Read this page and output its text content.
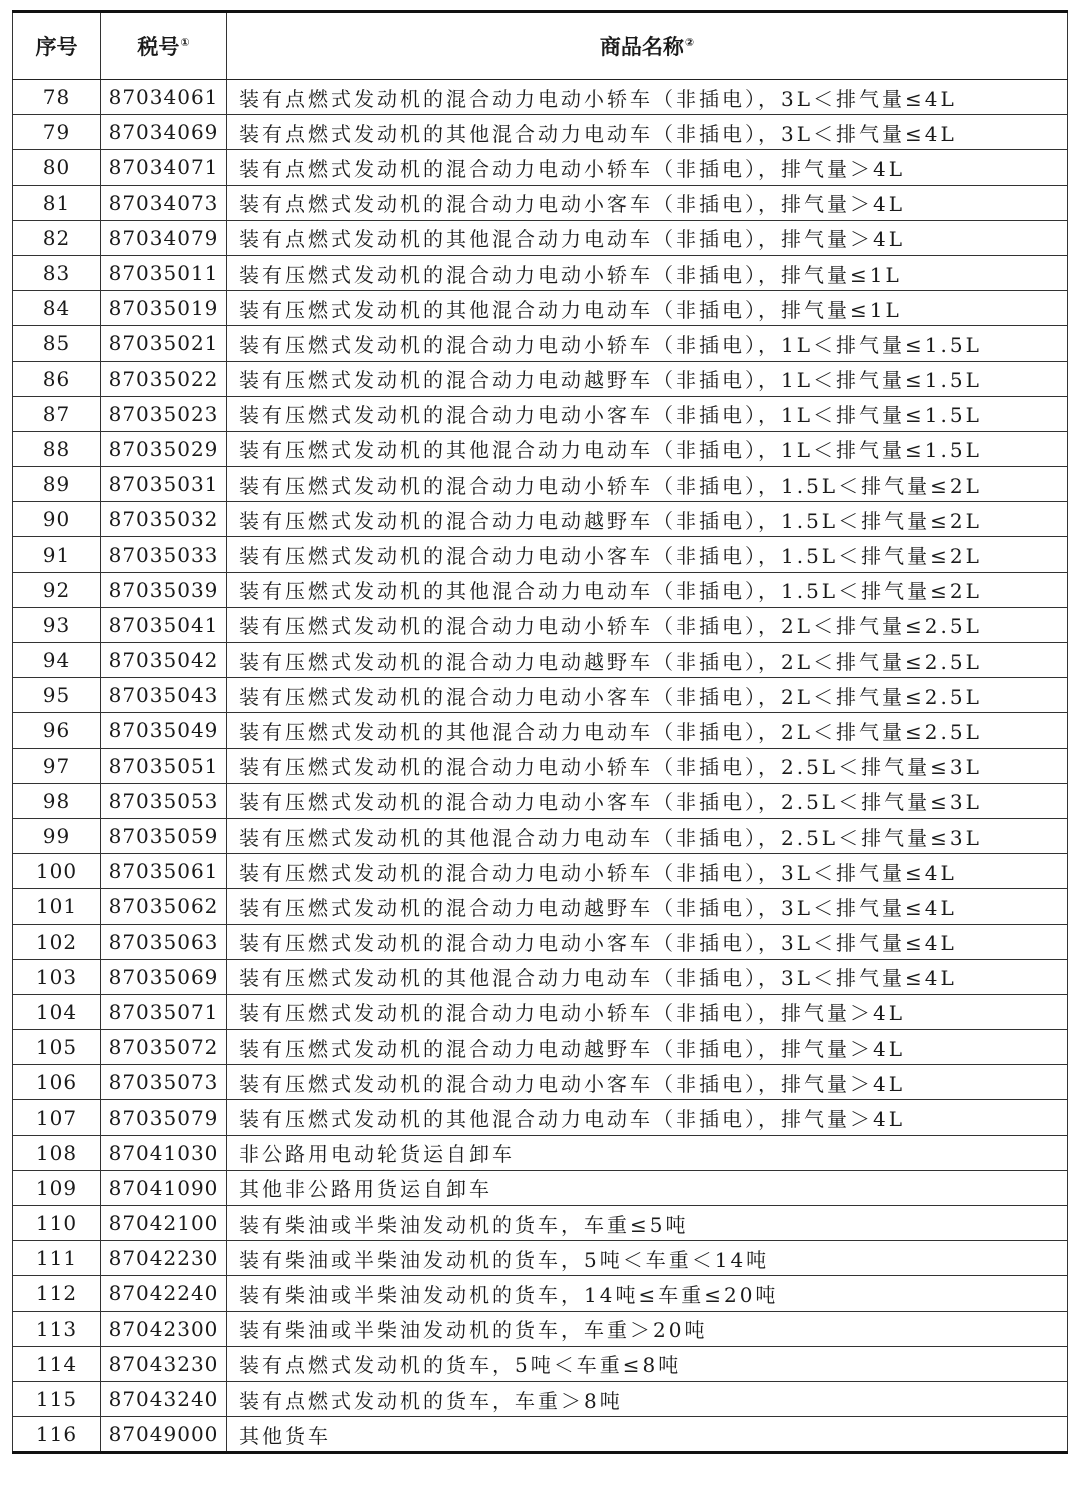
序号	税号①	商品名称②
78	87034061	装有点燃式发动机的混合动力电动小轿车（非插电），3L＜排气量≤4L
79	87034069	装有点燃式发动机的其他混合动力电动车（非插电），3L＜排气量≤4L
80	87034071	装有点燃式发动机的混合动力电动小轿车（非插电），排气量＞4L
81	87034073	装有点燃式发动机的混合动力电动小客车（非插电），排气量＞4L
82	87034079	装有点燃式发动机的其他混合动力电动车（非插电），排气量＞4L
83	87035011	装有压燃式发动机的混合动力电动小轿车（非插电），排气量≤1L
84	87035019	装有压燃式发动机的其他混合动力电动车（非插电），排气量≤1L
85	87035021	装有压燃式发动机的混合动力电动小轿车（非插电），1L＜排气量≤1.5L
86	87035022	装有压燃式发动机的混合动力电动越野车（非插电），1L＜排气量≤1.5L
87	87035023	装有压燃式发动机的混合动力电动小客车（非插电），1L＜排气量≤1.5L
88	87035029	装有压燃式发动机的其他混合动力电动车（非插电），1L＜排气量≤1.5L
89	87035031	装有压燃式发动机的混合动力电动小轿车（非插电），1.5L＜排气量≤2L
90	87035032	装有压燃式发动机的混合动力电动越野车（非插电），1.5L＜排气量≤2L
91	87035033	装有压燃式发动机的混合动力电动小客车（非插电），1.5L＜排气量≤2L
92	87035039	装有压燃式发动机的其他混合动力电动车（非插电），1.5L＜排气量≤2L
93	87035041	装有压燃式发动机的混合动力电动小轿车（非插电），2L＜排气量≤2.5L
94	87035042	装有压燃式发动机的混合动力电动越野车（非插电），2L＜排气量≤2.5L
95	87035043	装有压燃式发动机的混合动力电动小客车（非插电），2L＜排气量≤2.5L
96	87035049	装有压燃式发动机的其他混合动力电动车（非插电），2L＜排气量≤2.5L
97	87035051	装有压燃式发动机的混合动力电动小轿车（非插电），2.5L＜排气量≤3L
98	87035053	装有压燃式发动机的混合动力电动小客车（非插电），2.5L＜排气量≤3L
99	87035059	装有压燃式发动机的其他混合动力电动车（非插电），2.5L＜排气量≤3L
100	87035061	装有压燃式发动机的混合动力电动小轿车（非插电），3L＜排气量≤4L
101	87035062	装有压燃式发动机的混合动力电动越野车（非插电），3L＜排气量≤4L
102	87035063	装有压燃式发动机的混合动力电动小客车（非插电），3L＜排气量≤4L
103	87035069	装有压燃式发动机的其他混合动力电动车（非插电），3L＜排气量≤4L
104	87035071	装有压燃式发动机的混合动力电动小轿车（非插电），排气量＞4L
105	87035072	装有压燃式发动机的混合动力电动越野车（非插电），排气量＞4L
106	87035073	装有压燃式发动机的混合动力电动小客车（非插电），排气量＞4L
107	87035079	装有压燃式发动机的其他混合动力电动车（非插电），排气量＞4L
108	87041030	非公路用电动轮货运自卸车
109	87041090	其他非公路用货运自卸车
110	87042100	装有柴油或半柴油发动机的货车，车重≤5吨
111	87042230	装有柴油或半柴油发动机的货车，5吨＜车重＜14吨
112	87042240	装有柴油或半柴油发动机的货车，14吨≤车重≤20吨
113	87042300	装有柴油或半柴油发动机的货车，车重＞20吨
114	87043230	装有点燃式发动机的货车，5吨＜车重≤8吨
115	87043240	装有点燃式发动机的货车，车重＞8吨
116	87049000	其他货车
